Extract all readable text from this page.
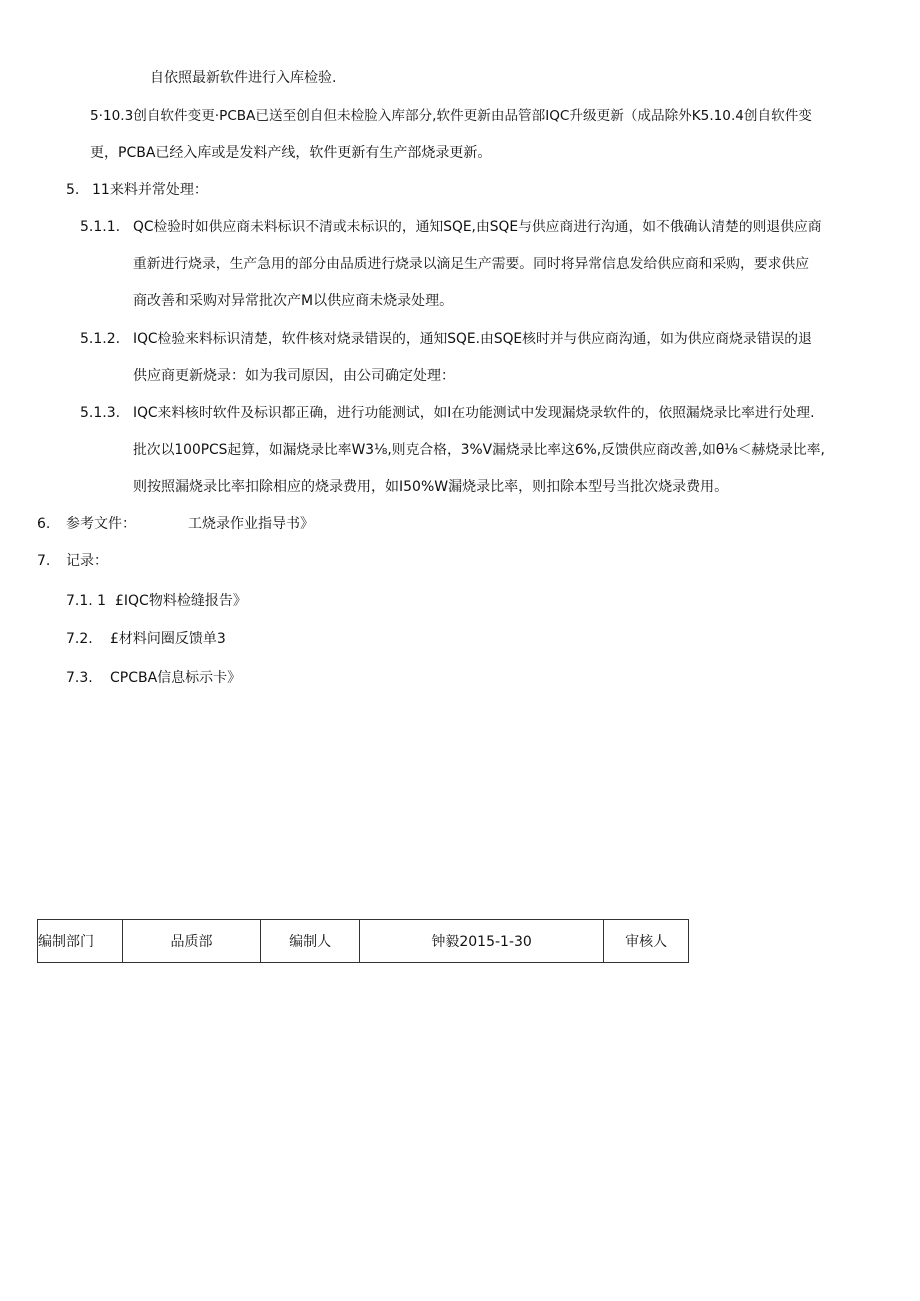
自依照最新软件进行入库检验.
5·10.3创自软件变更·PCBA已送至创自但未检脸入库部分,软件更新由品管部IQC升级更新（成品除外K5.10.4创自软件变
更，PCBA已经入库或是发料产线，软件更新有生产部烧录更新。
5. 11来料并常处理：
5.1.1. QC检验时如供应商未料标识不清或未标识的，通知SQE,由SQE与供应商进行沟通，如不俄确认清楚的则退供应商
重新进行烧录，生产急用的部分由品质进行烧录以滴足生产需要。同时将异常信息发给供应商和采购，要求供应
商改善和采购对异常批次产M以供应商未烧录处理。
5.1.2. IQC检验来料标识清楚，软件核对烧录错误的，通知SQE.由SQE核时并与供应商沟通，如为供应商烧录错误的退
供应商更新烧录：如为我司原因，由公司确定处理：
5.1.3. IQC来料核时软件及标识都正确，进行功能测试，如I在功能测试中发现漏烧录软件的，依照漏烧录比率进行处理.
批次以100PCS起算，如漏烧录比率W3⅛,则克合格，3%V漏烧录比率这6%,反馈供应商改善,如θ⅛＜赫烧录比率,
则按照漏烧录比率扣除相应的烧录费用，如I50%W漏烧录比率，则扣除本型号当批次烧录费用。
6. 参考文件：	工烧录作业指导书》
7. 记录：
7.1. 1 £IQC物料检缝报告》
7.2. £材料问圈反馈单3
7.3. CPCBA信息标示卡》
编制部门	品质部	编制人	钟毅2015-1-30	审核人
